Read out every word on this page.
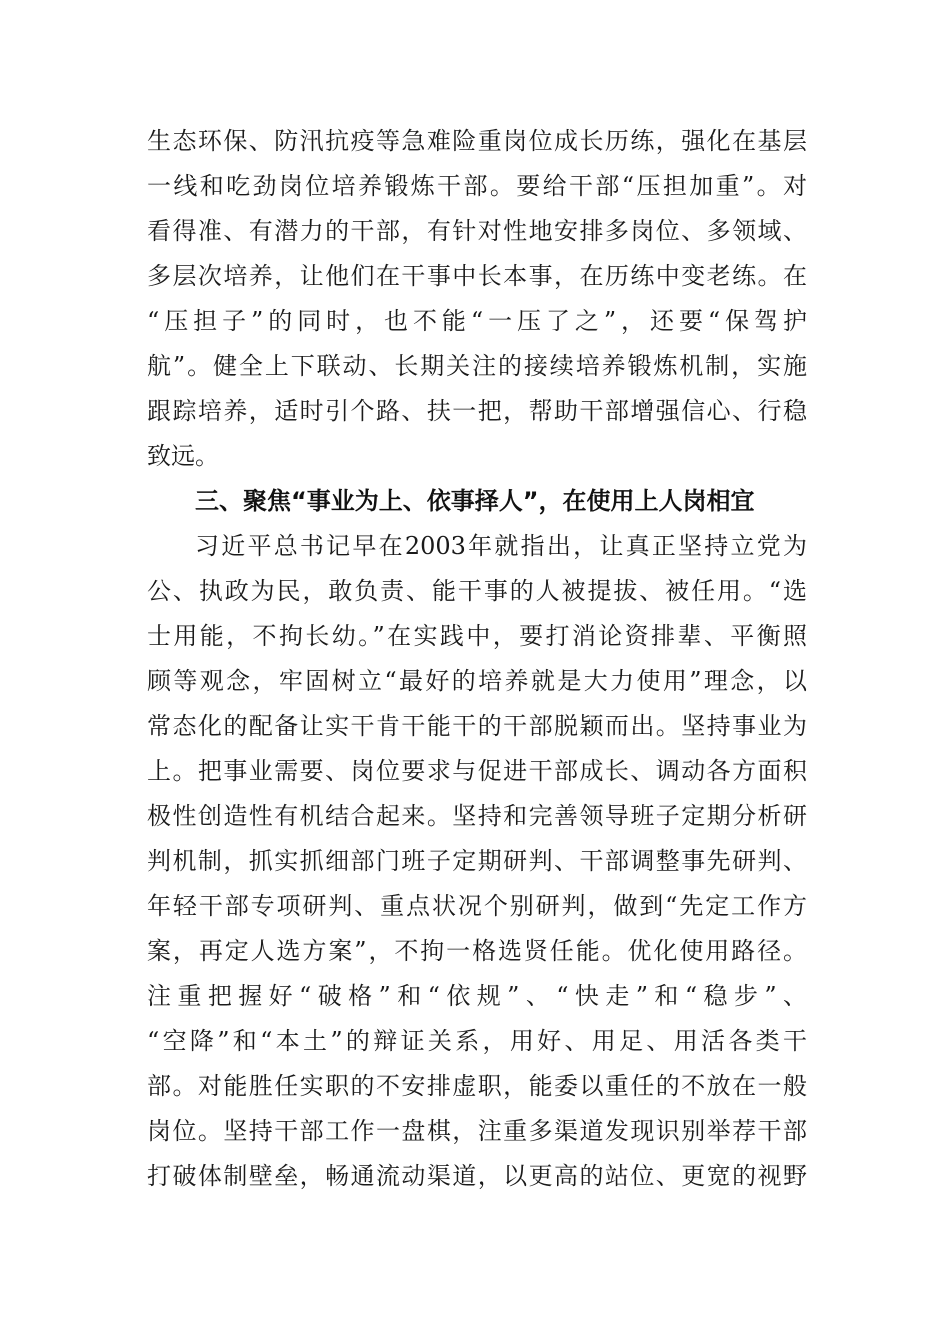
生态环保、防汛抗疫等急难险重岗位成长历练，强化在基层
一线和吃劲岗位培养锻炼干部。要给干部“压担加重”。对
看得准、有潜力的干部，有针对性地安排多岗位、多领域、
多层次培养，让他们在干事中长本事，在历练中变老练。在
“压担子”的同时，也不能“一压了之”，还要“保驾护
航”。健全上下联动、长期关注的接续培养锻炼机制，实施
跟踪培养，适时引个路、扶一把，帮助干部增强信心、行稳
致远。
三、聚焦“事业为上、依事择人”，在使用上人岗相宜
习近平总书记早在2003年就指出，让真正坚持立党为
公、执政为民，敢负责、能干事的人被提拔、被任用。“选
士用能，不拘长幼。”在实践中，要打消论资排辈、平衡照
顾等观念，牢固树立“最好的培养就是大力使用”理念，以
常态化的配备让实干肯干能干的干部脱颖而出。坚持事业为
上。把事业需要、岗位要求与促进干部成长、调动各方面积
极性创造性有机结合起来。坚持和完善领导班子定期分析研
判机制，抓实抓细部门班子定期研判、干部调整事先研判、
年轻干部专项研判、重点状况个别研判，做到“先定工作方
案，再定人选方案”，不拘一格选贤任能。优化使用路径。
注重把握好“破格”和“依规”、“快走”和“稳步”、
“空降”和“本土”的辩证关系，用好、用足、用活各类干
部。对能胜任实职的不安排虚职，能委以重任的不放在一般
岗位。坚持干部工作一盘棋，注重多渠道发现识别举荐干部
打破体制壁垒，畅通流动渠道，以更高的站位、更宽的视野
